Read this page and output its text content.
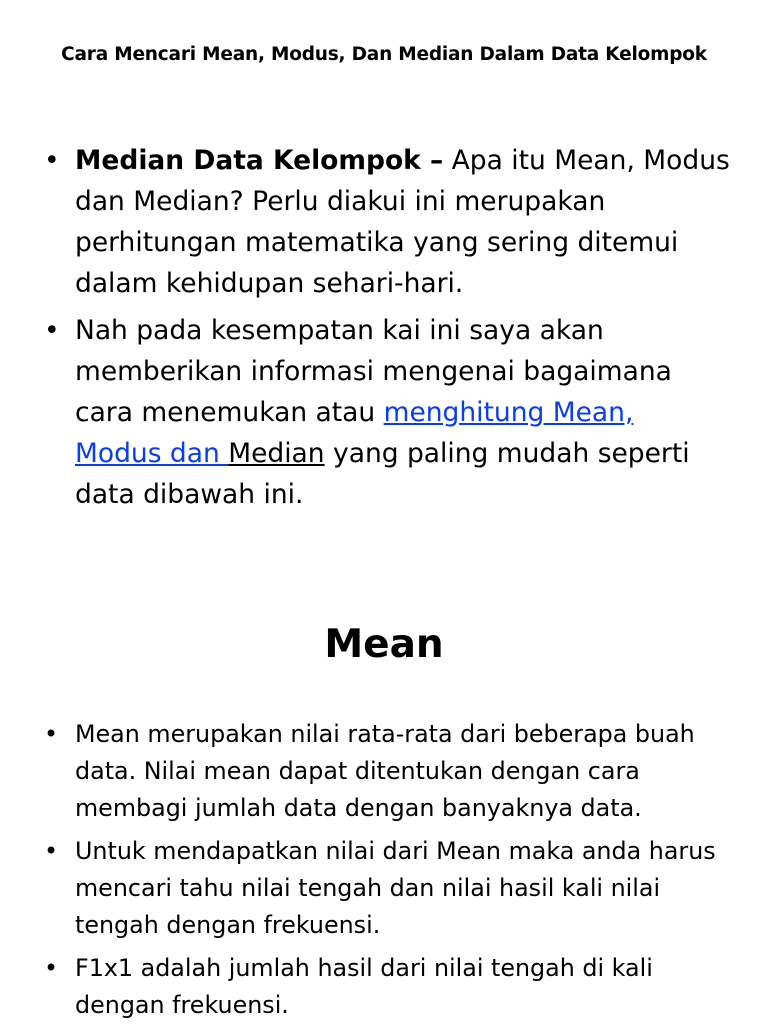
Cara Mencari Mean, Modus, Dan Median Dalam Data Kelompok
• Median Data Kelompok – Apa itu Mean, Modus dan Median? Perlu diakui ini merupakan perhitungan matematika yang sering ditemui dalam kehidupan sehari-hari.
• Nah pada kesempatan kai ini saya akan memberikan informasi mengenai bagaimana cara menemukan atau menghitung Mean, Modus dan Median yang paling mudah seperti data dibawah ini.
Mean
• Mean merupakan nilai rata-rata dari beberapa buah data. Nilai mean dapat ditentukan dengan cara membagi jumlah data dengan banyaknya data.
• Untuk mendapatkan nilai dari Mean maka anda harus mencari tahu nilai tengah dan nilai hasil kali nilai tengah dengan frekuensi.
• F1x1 adalah jumlah hasil dari nilai tengah di kali dengan frekuensi.
